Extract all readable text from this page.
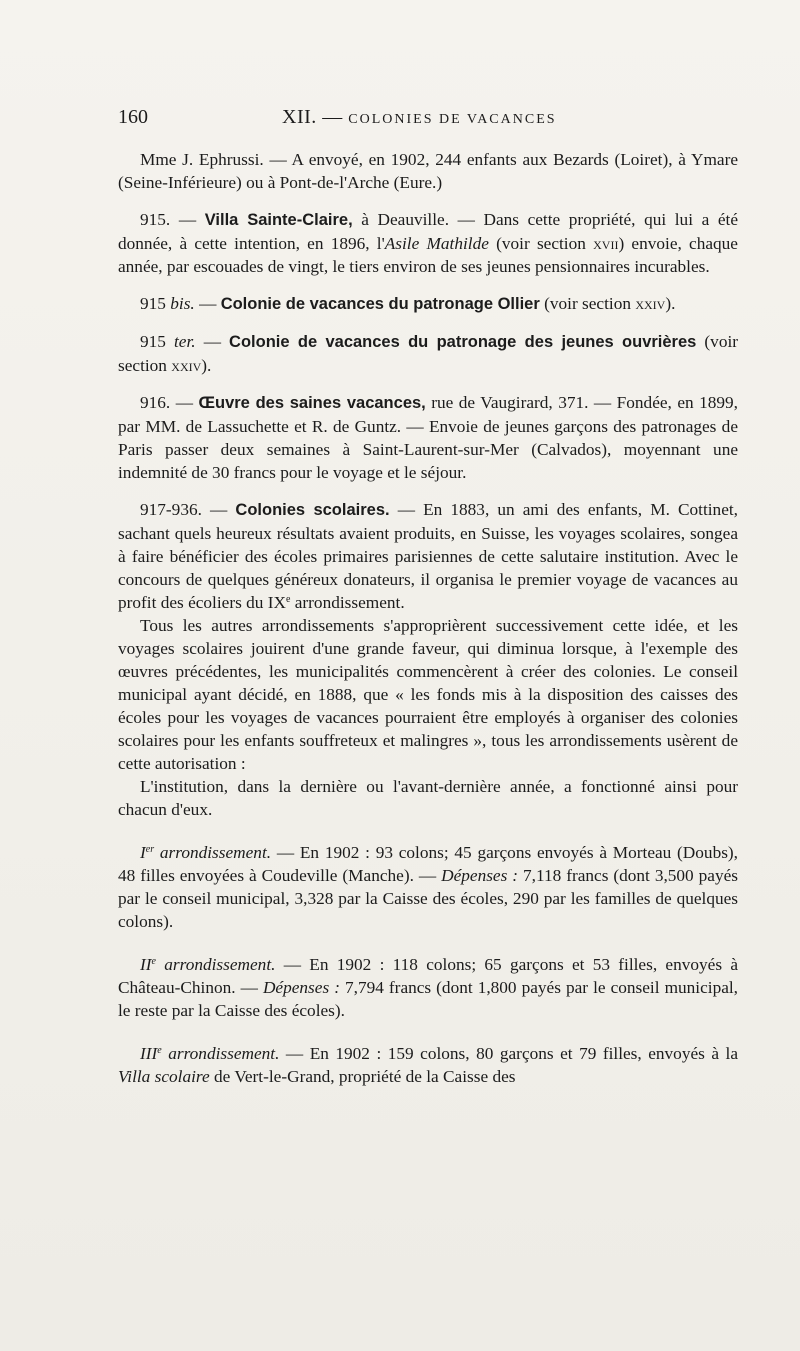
160	XII. — COLONIES DE VACANCES

Mme J. Ephrussi. — A envoyé, en 1902, 244 enfants aux Bezards (Loiret), à Ymare (Seine-Inférieure) ou à Pont-de-l'Arche (Eure.)

915. — Villa Sainte-Claire, à Deauville. — Dans cette propriété, qui lui a été donnée, à cette intention, en 1896, l'Asile Mathilde (voir section xvii) envoie, chaque année, par escouades de vingt, le tiers environ de ses jeunes pensionnaires incurables.

915 bis. — Colonie de vacances du patronage Ollier (voir section xxiv).

915 ter. — Colonie de vacances du patronage des jeunes ouvrières (voir section xxiv).

916. — Œuvre des saines vacances, rue de Vaugirard, 371. — Fondée, en 1899, par MM. de Lassuchette et R. de Guntz. — Envoie de jeunes garçons des patronages de Paris passer deux semaines à Saint-Laurent-sur-Mer (Calvados), moyennant une indemnité de 30 francs pour le voyage et le séjour.

917-936. — Colonies scolaires. — En 1883, un ami des enfants, M. Cottinet, sachant quels heureux résultats avaient produits, en Suisse, les voyages scolaires, songea à faire bénéficier des écoles primaires parisiennes de cette salutaire institution. Avec le concours de quelques généreux donateurs, il organisa le premier voyage de vacances au profit des écoliers du IXe arrondissement.

Tous les autres arrondissements s'approprièrent successivement cette idée, et les voyages scolaires jouirent d'une grande faveur, qui diminua lorsque, à l'exemple des œuvres précédentes, les municipalités commencèrent à créer des colonies. Le conseil municipal ayant décidé, en 1888, que « les fonds mis à la disposition des caisses des écoles pour les voyages de vacances pourraient être employés à organiser des colonies scolaires pour les enfants souffreteux et malingres », tous les arrondissements usèrent de cette autorisation :

L'institution, dans la dernière ou l'avant-dernière année, a fonctionné ainsi pour chacun d'eux.

Ier arrondissement. — En 1902 : 93 colons; 45 garçons envoyés à Morteau (Doubs), 48 filles envoyées à Coudeville (Manche). — Dépenses : 7,118 francs (dont 3,500 payés par le conseil municipal, 3,328 par la Caisse des écoles, 290 par les familles de quelques colons).

IIe arrondissement. — En 1902 : 118 colons; 65 garçons et 53 filles, envoyés à Château-Chinon. — Dépenses : 7,794 francs (dont 1,800 payés par le conseil municipal, le reste par la Caisse des écoles).

IIIe arrondissement. — En 1902 : 159 colons, 80 garçons et 79 filles, envoyés à la Villa scolaire de Vert-le-Grand, propriété de la Caisse des
